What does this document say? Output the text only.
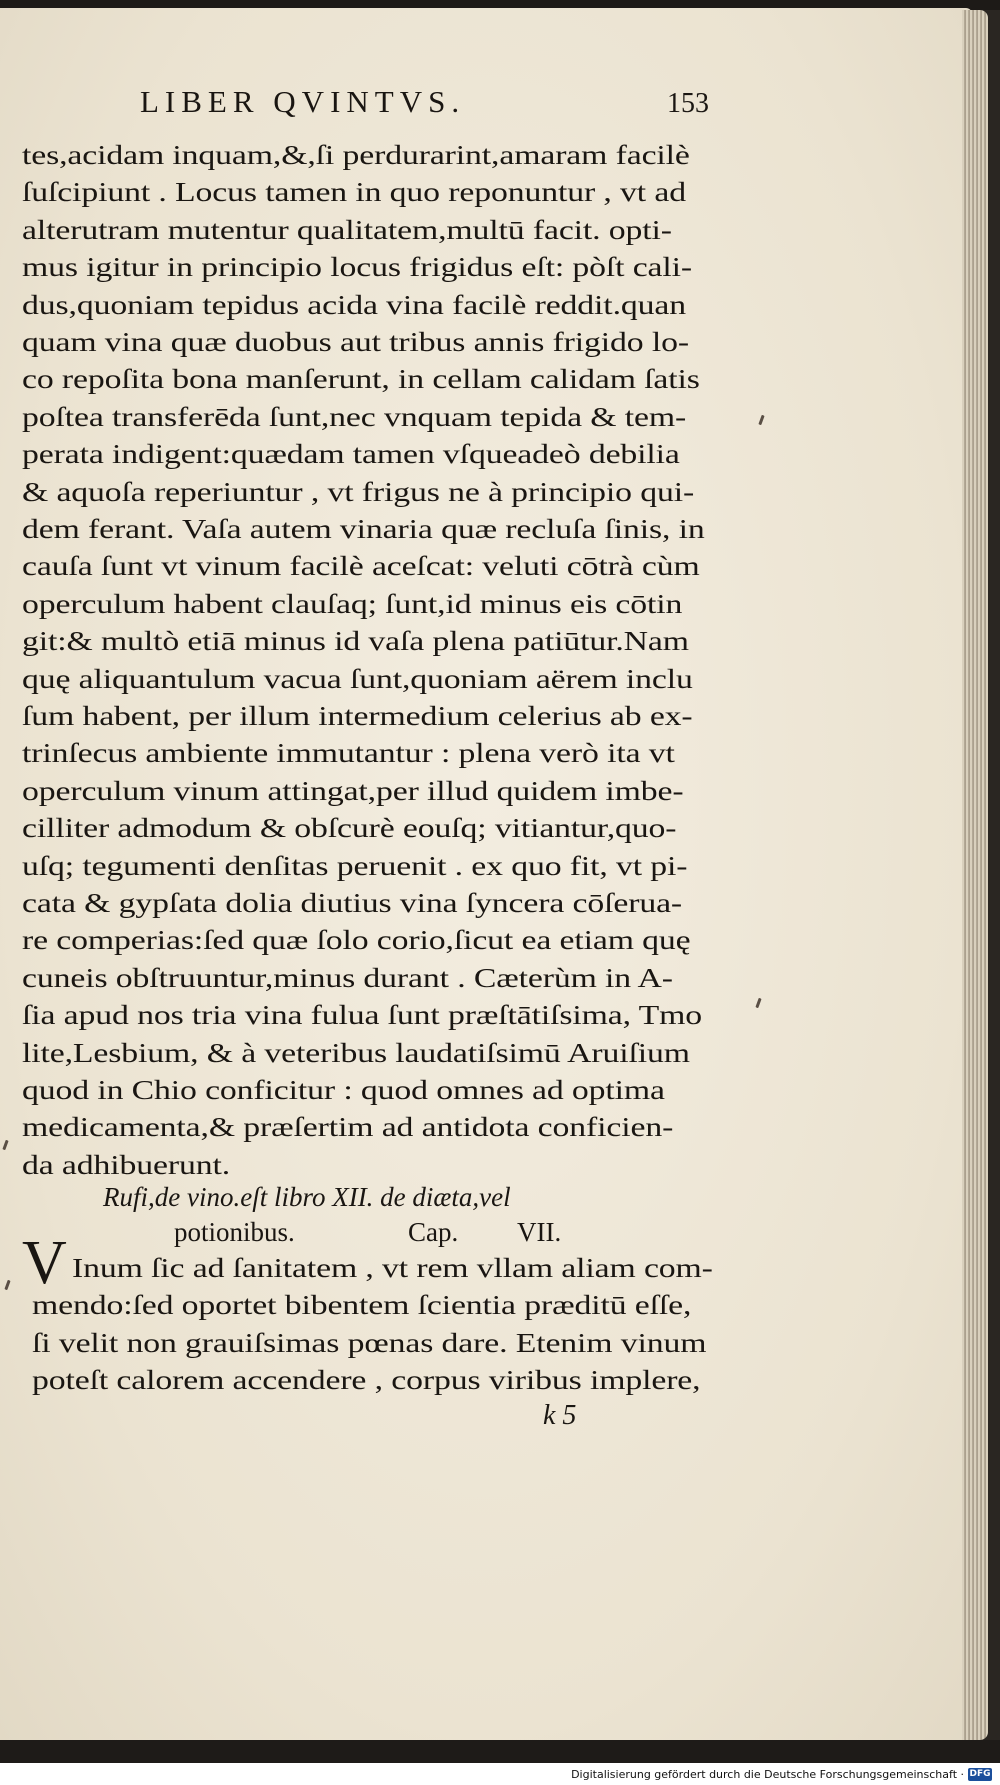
LIBER QVINTVS.	153
tes,acidam inquam,&,ſi perdurarint,amaram facilè
ſuſcipiunt . Locus tamen in quo reponuntur , vt ad
alterutram mutentur qualitatem,multū facit. opti-
mus igitur in principio locus frigidus eſt: pòſt cali-
dus,quoniam tepidus acida vina facilè reddit.quan
quam vina quæ duobus aut tribus annis frigido lo-
co repoſita bona manſerunt, in cellam calidam ſatis
poſtea transferēda ſunt,nec vnquam tepida & tem-
perata indigent:quædam tamen vſqueadeò debilia
& aquoſa reperiuntur , vt frigus ne à principio qui-
dem ferant. Vaſa autem vinaria quæ recluſa ſinis, in
cauſa ſunt vt vinum facilè aceſcat: veluti cōtrà cùm
operculum habent clauſaq; ſunt,id minus eis cōtin
git:& multò etiā minus id vaſa plena patiūtur.Nam
quę aliquantulum vacua ſunt,quoniam aërem inclu
ſum habent, per illum intermedium celerius ab ex-
trinſecus ambiente immutantur : plena verò ita vt
operculum vinum attingat,per illud quidem imbe-
cilliter admodum & obſcurè eouſq; vitiantur,quo-
uſq; tegumenti denſitas peruenit . ex quo fit, vt pi-
cata & gypſata dolia diutius vina ſyncera cōſerua-
re comperias:ſed quæ ſolo corio,ſicut ea etiam quę
cuneis obſtruuntur,minus durant . Cæterùm in A-
ſia apud nos tria vina fulua ſunt præſtātiſsima, Tmo
lite,Lesbium, & à veteribus laudatiſsimū Aruiſium
quod in Chio conficitur : quod omnes ad optima
medicamenta,& præſertim ad antidota conficien-
da adhibuerunt.
Rufi,de vino.eſt libro XII. de diæta,vel
potionibus.	Cap. VII.
V Inum ſic ad ſanitatem , vt rem vllam aliam com-
mendo:ſed oportet bibentem ſcientia præditū eſſe,
ſi velit non grauiſsimas pœnas dare. Etenim vinum
poteſt calorem accendere , corpus viribus implere,
k 5
Digitalisierung gefördert durch die Deutsche Forschungsgemeinschaft · DFG
